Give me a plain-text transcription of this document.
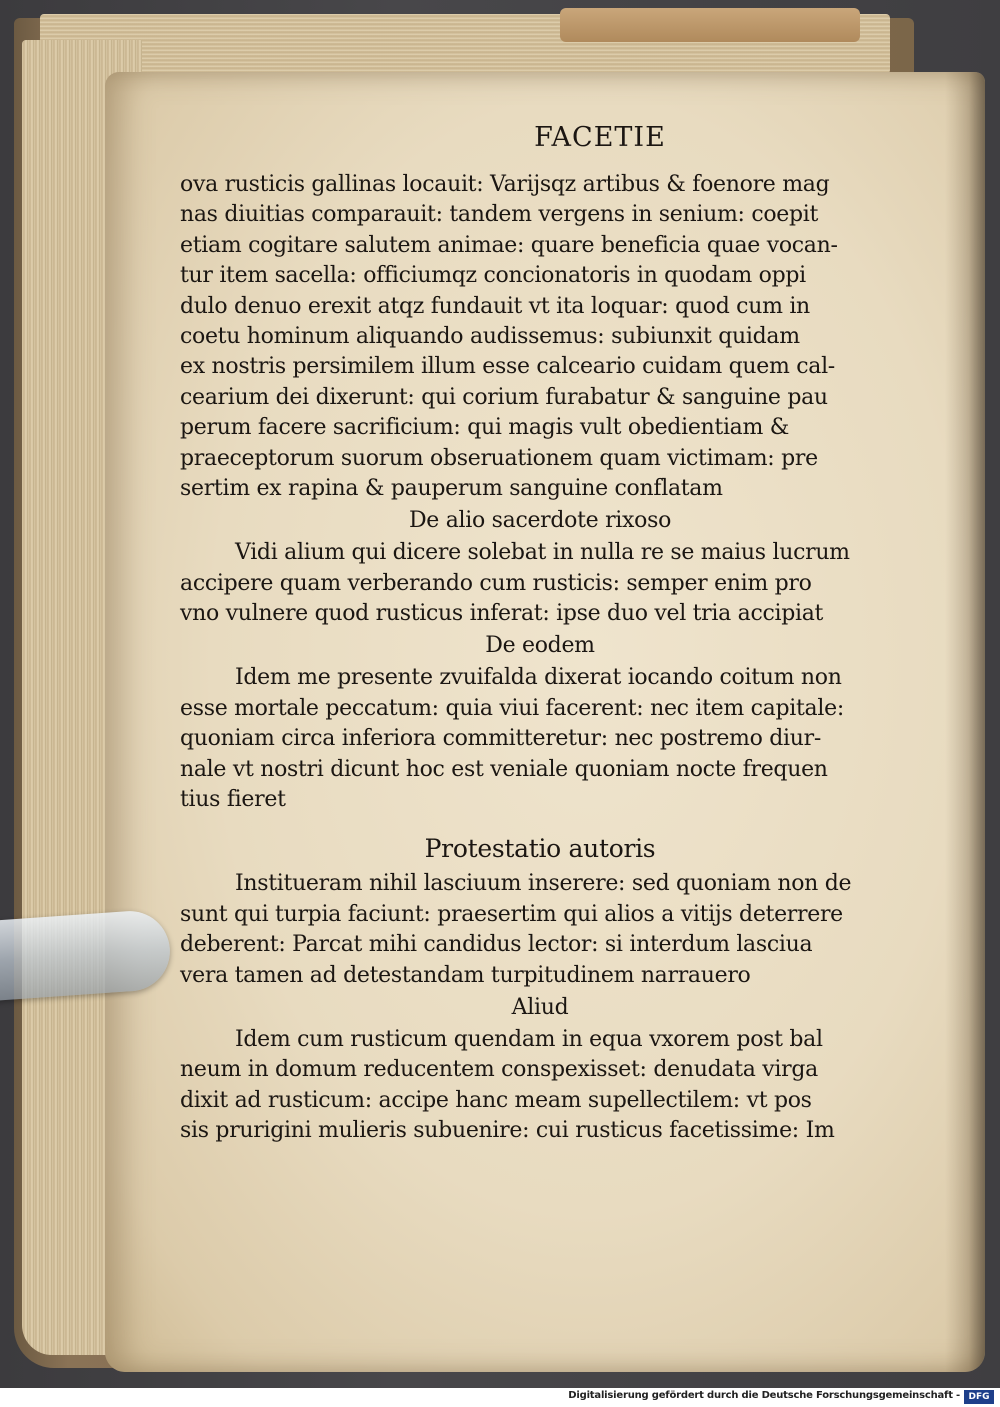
FACETIE
ova rusticis gallinas locauit: Varijsqz artibus & foenore mag
nas diuitias comparauit: tandem vergens in senium: coepit
etiam cogitare salutem animae: quare beneficia quae vocan-
tur item sacella: officiumqz concionatoris in quodam oppi
dulo denuo erexit atqz fundauit vt ita loquar: quod cum in
coetu hominum aliquando audissemus: subiunxit quidam
ex nostris persimilem illum esse calceario cuidam quem cal-
cearium dei dixerunt: qui corium furabatur & sanguine pau
perum facere sacrificium: qui magis vult obedientiam &
praeceptorum suorum obseruationem quam victimam: pre
sertim ex rapina & pauperum sanguine conflatam
De alio sacerdote rixoso
Vidi alium qui dicere solebat in nulla re se maius lucrum
accipere quam verberando cum rusticis: semper enim pro
vno vulnere quod rusticus inferat: ipse duo vel tria accipiat
De eodem
Idem me presente zvuifalda dixerat iocando coitum non
esse mortale peccatum: quia viui facerent: nec item capitale:
quoniam circa inferiora committeretur: nec postremo diur-
nale vt nostri dicunt hoc est veniale quoniam nocte frequen
tius fieret
Protestatio autoris
Institueram nihil lasciuum inserere: sed quoniam non de
sunt qui turpia faciunt: praesertim qui alios a vitijs deterrere
deberent: Parcat mihi candidus lector: si interdum lasciua
vera tamen ad detestandam turpitudinem narrauero
Aliud
Idem cum rusticum quendam in equa vxorem post bal
neum in domum reducentem conspexisset: denudata virga
dixit ad rusticum: accipe hanc meam supellectilem: vt pos
sis prurigini mulieris subuenire: cui rusticus facetissime: Im
Digitalisierung gefördert durch die Deutsche Forschungsgemeinschaft - DFG
